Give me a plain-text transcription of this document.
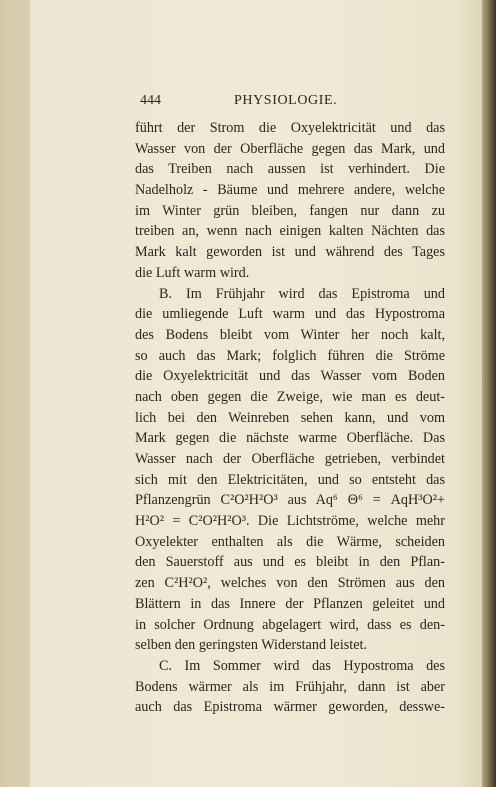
444	PHYSIOLOGIE.
führt der Strom die Oxyelektricität und das
Wasser von der Oberfläche gegen das Mark, und
das Treiben nach aussen ist verhindert. Die
Nadelholz - Bäume und mehrere andere, welche
im Winter grün bleiben, fangen nur dann zu
treiben an, wenn nach einigen kalten Nächten das
Mark kalt geworden ist und während des Tages
die Luft warm wird.
B. Im Frühjahr wird das Epistroma und
die umliegende Luft warm und das Hypostroma
des Bodens bleibt vom Winter her noch kalt,
so auch das Mark; folglich führen die Ströme
die Oxyelektricität und das Wasser vom Boden
nach oben gegen die Zweige, wie man es deut-
lich bei den Weinreben sehen kann, und vom
Mark gegen die nächste warme Oberfläche. Das
Wasser nach der Oberfläche getrieben, verbindet
sich mit den Elektricitäten, und so entsteht das
Pflanzengrün C²O²H²O³ aus Aq⁶ Θ⁶ = AqH³O²+
H²O² = C²O²H²O³. Die Lichtströme, welche mehr
Oxyelekter enthalten als die Wärme, scheiden
den Sauerstoff aus und es bleibt in den Pflan-
zen C²H²O², welches von den Strömen aus den
Blättern in das Innere der Pflanzen geleitet und
in solcher Ordnung abgelagert wird, dass es den-
selben den geringsten Widerstand leistet.
C. Im Sommer wird das Hypostroma des
Bodens wärmer als im Frühjahr, dann ist aber
auch das Epistroma wärmer geworden, desswe-
